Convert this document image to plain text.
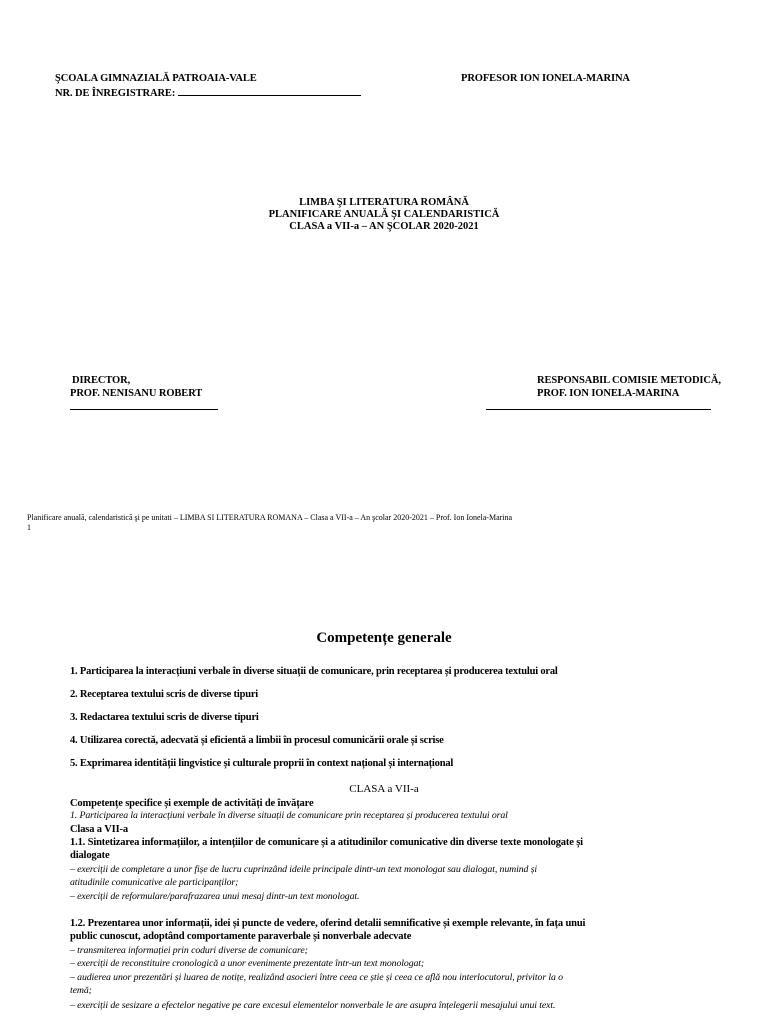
ŞCOALA GIMNAZIALĂ PATROAIA-VALE
NR. DE ÎNREGISTRARE:
PROFESOR ION IONELA-MARINA
LIMBA ŞI LITERATURA ROMÂNĂ
PLANIFICARE ANUALĂ ŞI CALENDARISTICĂ
CLASA a VII-a – AN ŞCOLAR 2020-2021
DIRECTOR,
PROF. NENISANU ROBERT
RESPONSABIL COMISIE METODICĂ,
PROF. ION IONELA-MARINA
Planificare anuală, calendaristică şi pe unitati – LIMBA SI LITERATURA ROMANA – Clasa a VII-a – An şcolar 2020-2021 – Prof. Ion Ionela-Marina
1
Competențe generale
1. Participarea la interacțiuni verbale în diverse situații de comunicare, prin receptarea și producerea textului oral
2. Receptarea textului scris de diverse tipuri
3. Redactarea textului scris de diverse tipuri
4. Utilizarea corectă, adecvată și eficientă a limbii în procesul comunicării orale și scrise
5. Exprimarea identității lingvistice și culturale proprii în context național și internațional
CLASA a VII-a
Competențe specifice și exemple de activități de învățare
1. Participarea la interacțiuni verbale în diverse situații de comunicare prin receptarea și producerea textului oral
Clasa a VII-a
1.1. Sintetizarea informațiilor, a intențiilor de comunicare și a atitudinilor comunicative din diverse texte monologate și
dialogate
– exerciții de completare a unor fișe de lucru cuprinzând ideile principale dintr-un text monologat sau dialogat, numind și
atitudinile comunicative ale participanților;
– exerciții de reformulare/parafrazarea unui mesaj dintr-un text monologat.
1.2. Prezentarea unor informații, idei și puncte de vedere, oferind detalii semnificative și exemple relevante, în fața unui
public cunoscut, adoptând comportamente paraverbale și nonverbale adecvate
– transmiterea informației prin coduri diverse de comunicare;
– exerciții de reconstituire cronologică a unor evenimente prezentate într-un text monologat;
– audierea unor prezentări și luarea de notițe, realizând asocieri între ceea ce știe și ceea ce află nou interlocutorul, privitor la o
temă;
– exerciții de sesizare a efectelor negative pe care excesul elementelor nonverbale le are asupra înțelegerii mesajului unui text.
